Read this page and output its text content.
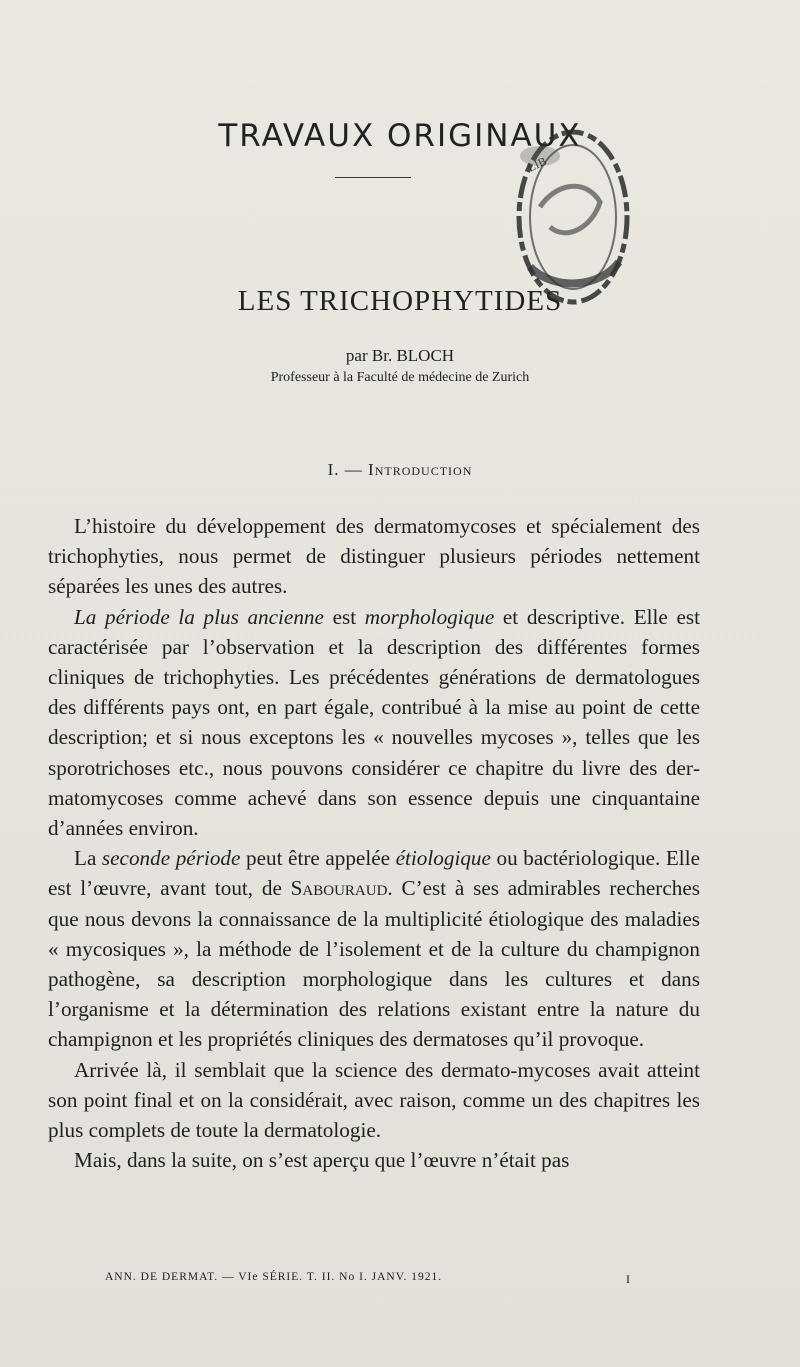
TRAVAUX ORIGINAUX
LIB
LES TRICHOPHYTIDES
par Br. BLOCH
Professeur à la Faculté de médecine de Zurich
I. — Introduction

L’histoire du développement des dermatomycoses et spécialement des trichophyties, nous permet de distinguer plusieurs périodes nettement séparées les unes des autres.

La période la plus ancienne est morphologique et descriptive. Elle est caractérisée par l’observation et la description des différentes formes cliniques de trichophyties. Les précédentes générations de dermatologues des différents pays ont, en part égale, contribué à la mise au point de cette description; et si nous exceptons les « nouvelles mycoses », telles que les sporotrichoses etc., nous pouvons considérer ce chapitre du livre des dermatomycoses comme achevé dans son essence depuis une cinquantaine d’années environ.

La seconde période peut être appelée étiologique ou bactériologique. Elle est l’œuvre, avant tout, de Sabouraud. C’est à ses admirables recherches que nous devons la connaissance de la multiplicité étiologique des maladies « mycosiques », la méthode de l’isolement et de la culture du champignon pathogène, sa description morphologique dans les cultures et dans l’organisme et la détermination des relations existant entre la nature du champignon et les propriétés cliniques des dermatoses qu’il provoque.

Arrivée là, il semblait que la science des dermato-mycoses avait atteint son point final et on la considérait, avec raison, comme un des chapitres les plus complets de toute la dermatologie.

Mais, dans la suite, on s’est aperçu que l’œuvre n’était pas

ANN. DE DERMAT. — VIe SÉRIE. T. II. No I. JANV. 1921.	I
